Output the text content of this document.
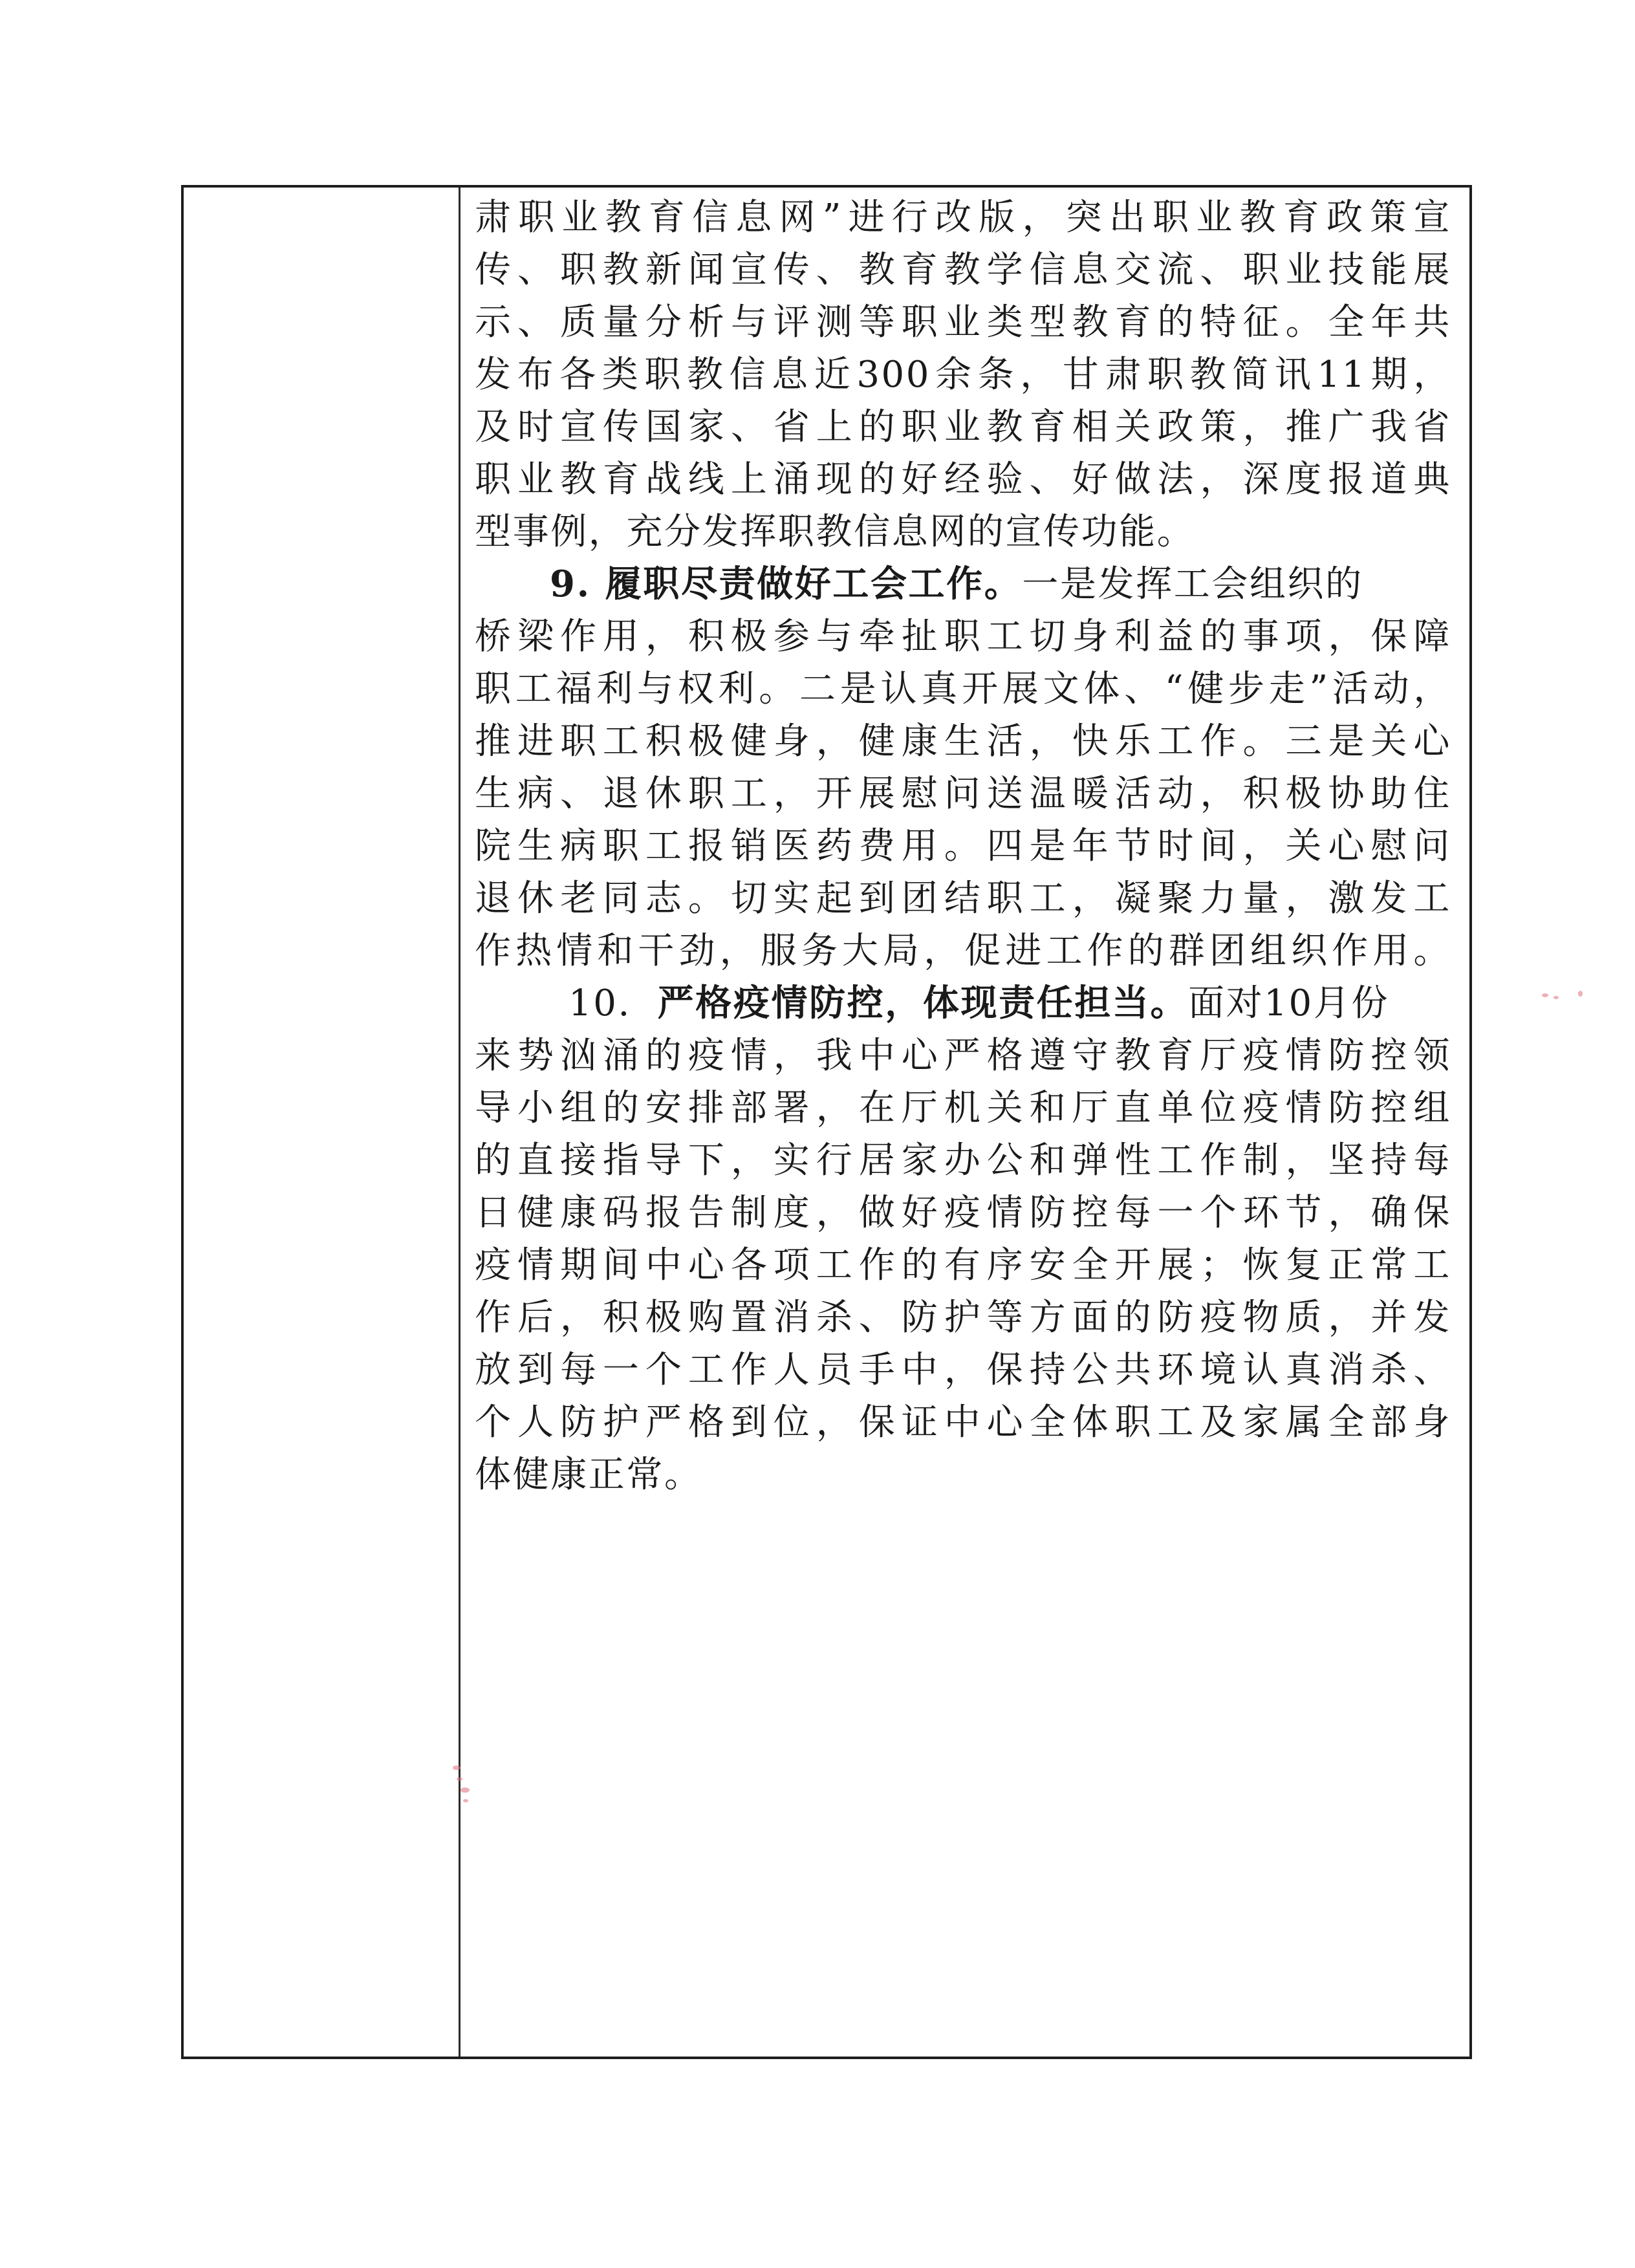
肃职业教育信息网”进行改版，突出职业教育政策宣
传、职教新闻宣传、教育教学信息交流、职业技能展
示、质量分析与评测等职业类型教育的特征。全年共
发布各类职教信息近300余条，甘肃职教简讯11期，
及时宣传国家、省上的职业教育相关政策，推广我省
职业教育战线上涌现的好经验、好做法，深度报道典
型事例，充分发挥职教信息网的宣传功能。
9. 履职尽责做好工会工作。一是发挥工会组织的
桥梁作用，积极参与牵扯职工切身利益的事项，保障
职工福利与权利。二是认真开展文体、“健步走”活动，
推进职工积极健身，健康生活，快乐工作。三是关心
生病、退休职工，开展慰问送温暖活动，积极协助住
院生病职工报销医药费用。四是年节时间，关心慰问
退休老同志。切实起到团结职工，凝聚力量，激发工
作热情和干劲，服务大局，促进工作的群团组织作用。
10. 严格疫情防控，体现责任担当。面对10月份
来势汹涌的疫情，我中心严格遵守教育厅疫情防控领
导小组的安排部署，在厅机关和厅直单位疫情防控组
的直接指导下，实行居家办公和弹性工作制，坚持每
日健康码报告制度，做好疫情防控每一个环节，确保
疫情期间中心各项工作的有序安全开展；恢复正常工
作后，积极购置消杀、防护等方面的防疫物质，并发
放到每一个工作人员手中，保持公共环境认真消杀、
个人防护严格到位，保证中心全体职工及家属全部身
体健康正常。
